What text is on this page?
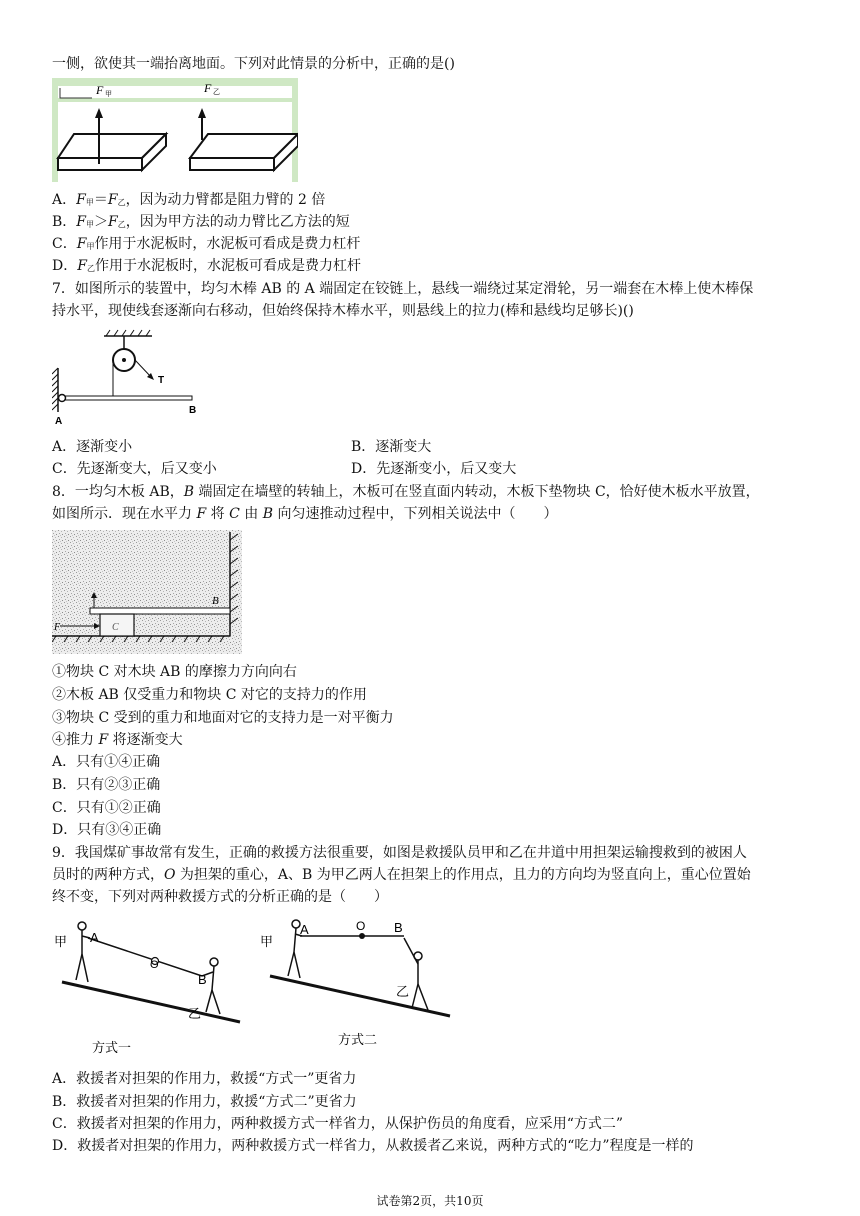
一侧，欲使其一端抬离地面。下列对此情景的分析中，正确的是()
F 甲	F 乙
A．F甲＝F乙，因为动力臂都是阻力臂的 2 倍
B．F甲＞F乙，因为甲方法的动力臂比乙方法的短
C．F甲作用于水泥板时，水泥板可看成是费力杠杆
D．F乙作用于水泥板时，水泥板可看成是费力杠杆
7．如图所示的装置中，均匀木棒 AB 的 A 端固定在铰链上，悬线一端绕过某定滑轮，另一端套在木棒上使木棒保
持水平，现使线套逐渐向右移动，但始终保持木棒水平，则悬线上的拉力(棒和悬线均足够长)()
T
A
B
A．逐渐变小	B．逐渐变大
C．先逐渐变大，后又变小	D．先逐渐变小，后又变大
8．一均匀木板 AB，B 端固定在墙壁的转轴上，木板可在竖直面内转动，木板下垫物块 C，恰好使木板水平放置，
如图所示．现在水平力 F 将 C 由 B 向匀速推动过程中，下列相关说法中（　　）
B
F	C
①物块 C 对木块 AB 的摩擦力方向向右
②木板 AB 仅受重力和物块 C 对它的支持力的作用
③物块 C 受到的重力和地面对它的支持力是一对平衡力
④推力 F 将逐渐变大
A．只有①④正确
B．只有②③正确
C．只有①②正确
D．只有③④正确
9．我国煤矿事故常有发生，正确的救援方法很重要，如图是救援队员甲和乙在井道中用担架运输搜救到的被困人
员时的两种方式，O 为担架的重心，A、B 为甲乙两人在担架上的作用点，且力的方向均为竖直向上，重心位置始
终不变，下列对两种救援方式的分析正确的是（　　）
甲 A
O
B
乙
方式一
甲
A	O B
乙
方式二
A．救援者对担架的作用力，救援“方式一”更省力
B．救援者对担架的作用力，救援“方式二”更省力
C．救援者对担架的作用力，两种救援方式一样省力，从保护伤员的角度看，应采用“方式二”
D．救援者对担架的作用力，两种救援方式一样省力，从救援者乙来说，两种方式的“吃力”程度是一样的
试卷第2页，共10页
